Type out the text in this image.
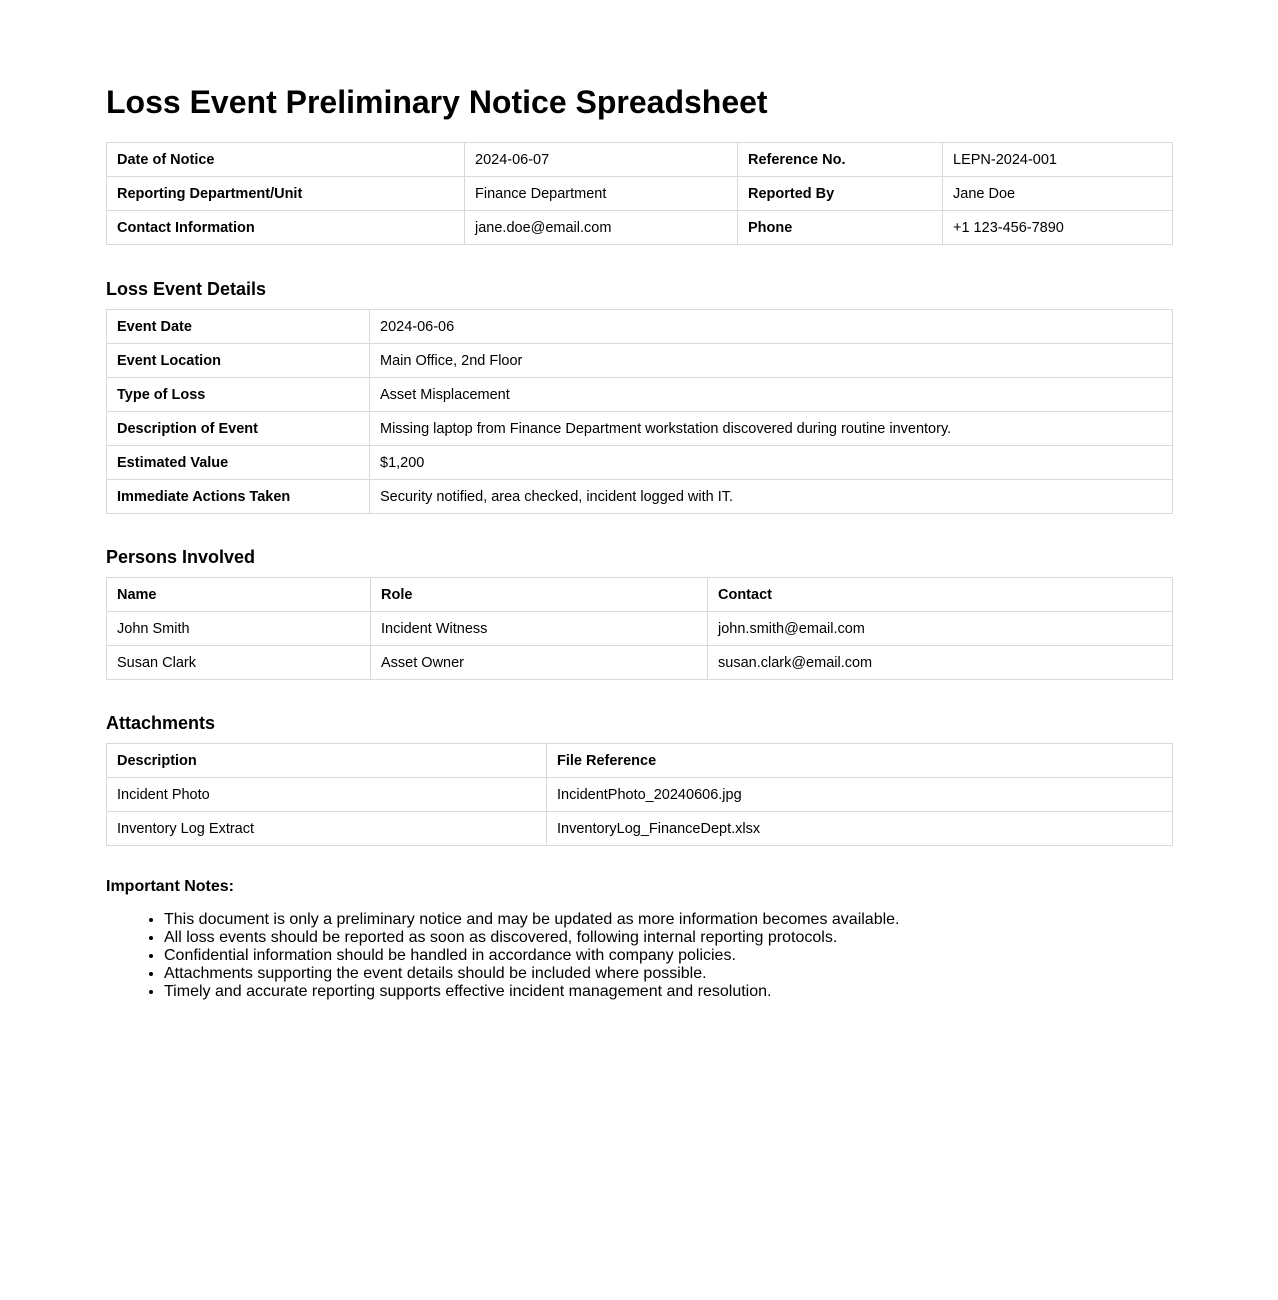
Loss Event Preliminary Notice Spreadsheet
Date of Notice	2024-06-07	Reference No.	LEPN-2024-001
Reporting Department/Unit	Finance Department	Reported By	Jane Doe
Contact Information	jane.doe@email.com	Phone	+1 123-456-7890
Loss Event Details
Event Date	2024-06-06
Event Location	Main Office, 2nd Floor
Type of Loss	Asset Misplacement
Description of Event	Missing laptop from Finance Department workstation discovered during routine inventory.
Estimated Value	$1,200
Immediate Actions Taken	Security notified, area checked, incident logged with IT.
Persons Involved
Name	Role	Contact
John Smith	Incident Witness	john.smith@email.com
Susan Clark	Asset Owner	susan.clark@email.com
Attachments
Description	File Reference
Incident Photo	IncidentPhoto_20240606.jpg
Inventory Log Extract	InventoryLog_FinanceDept.xlsx
Important Notes:
• This document is only a preliminary notice and may be updated as more information becomes available.
• All loss events should be reported as soon as discovered, following internal reporting protocols.
• Confidential information should be handled in accordance with company policies.
• Attachments supporting the event details should be included where possible.
• Timely and accurate reporting supports effective incident management and resolution.
